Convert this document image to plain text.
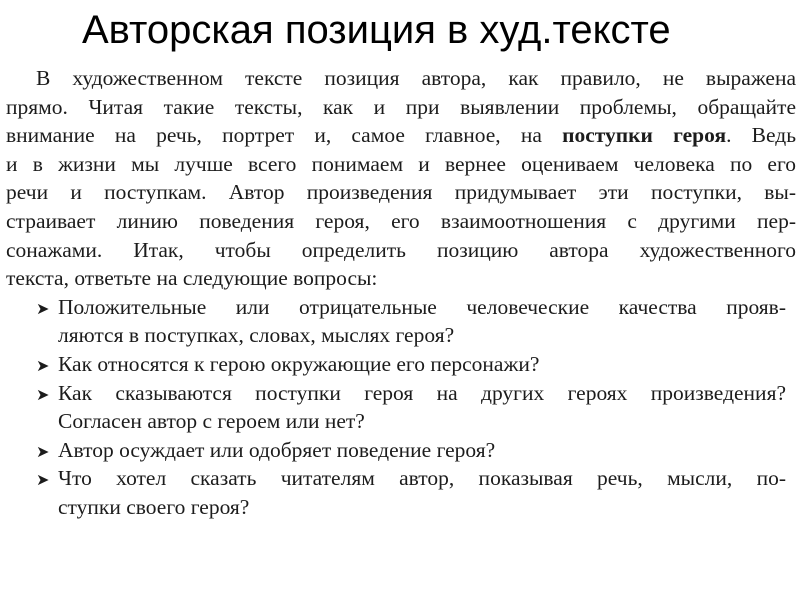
Авторская позиция в худ.тексте
В художественном тексте позиция автора, как правило, не выражена
прямо. Читая такие тексты, как и при выявлении проблемы, обращайте
внимание на речь, портрет и, самое главное, на поступки героя. Ведь
и в жизни мы лучше всего понимаем и вернее оцениваем человека по его
речи и поступкам. Автор произведения придумывает эти поступки, вы-
страивает линию поведения героя, его взаимоотношения с другими пер-
сонажами. Итак, чтобы определить позицию автора художественного
текста, ответьте на следующие вопросы:
➤ Положительные или отрицательные человеческие качества прояв-
ляются в поступках, словах, мыслях героя?
➤ Как относятся к герою окружающие его персонажи?
➤ Как сказываются поступки героя на других героях произведения?
Согласен автор с героем или нет?
➤ Автор осуждает или одобряет поведение героя?
➤ Что хотел сказать читателям автор, показывая речь, мысли, по-
ступки своего героя?
